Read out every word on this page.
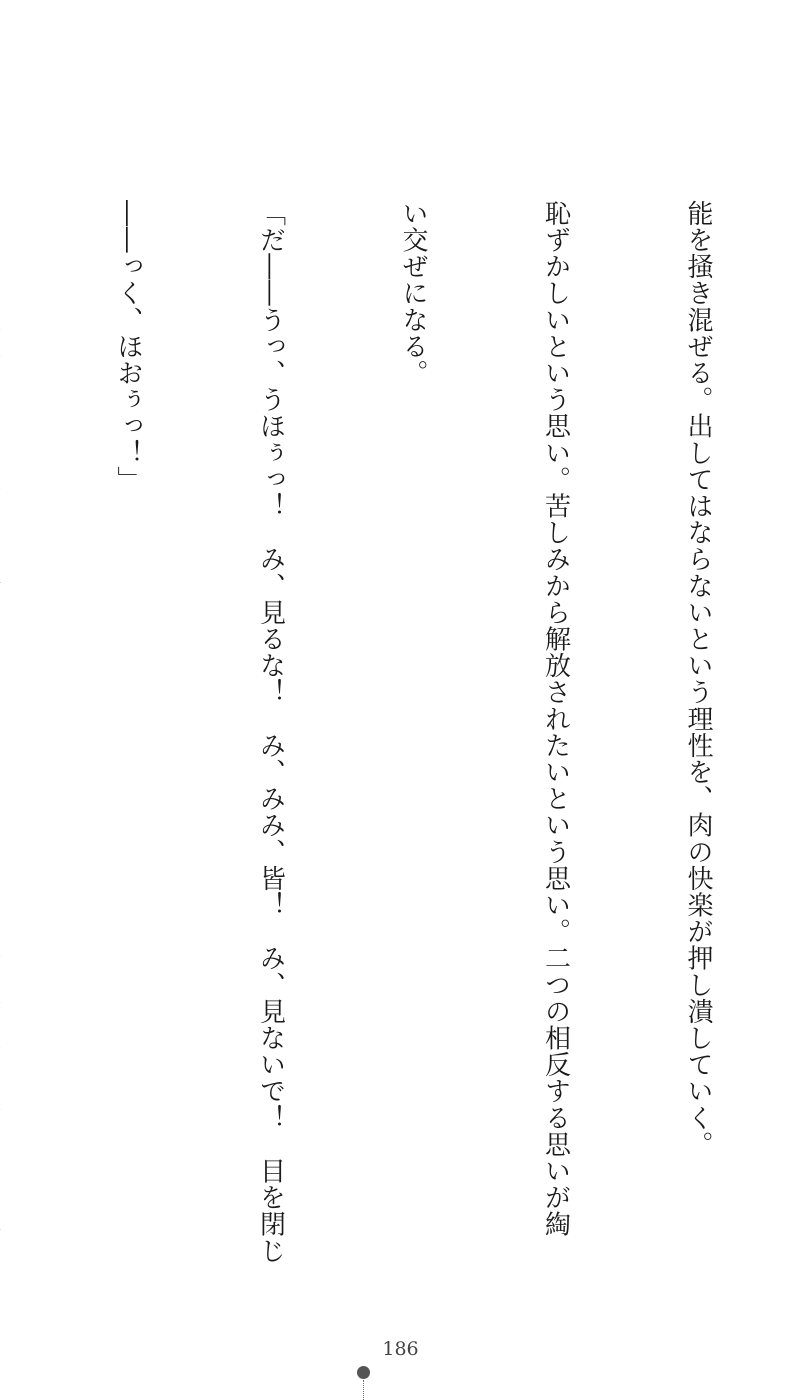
能を掻き混ぜる。出してはならないという理性を、肉の快楽が押し潰していく。

恥ずかしいという思い。苦しみから解放されたいという思い。二つの相反する思いが綯

い交ぜになる。

「だ――うっ、うほぅっ！　み、見るな！　み、みみ、皆！　み、見ないで！　目を閉じ

――っく、ほおぅっ！」

186
